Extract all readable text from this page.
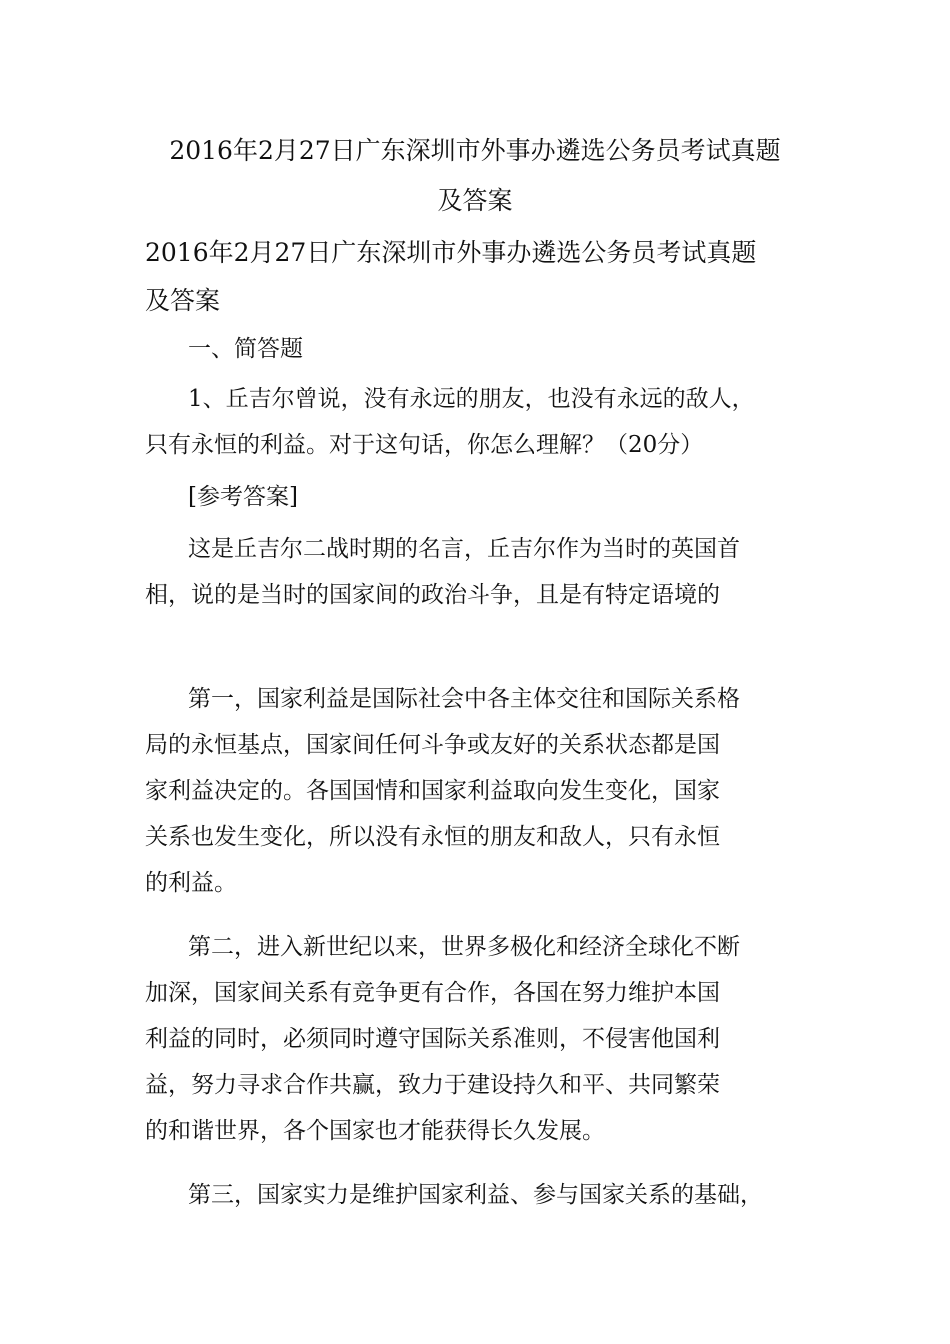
2016年2月27日广东深圳市外事办遴选公务员考试真题
及答案
2016年2月27日广东深圳市外事办遴选公务员考试真题
及答案
一、简答题
1、丘吉尔曾说，没有永远的朋友，也没有永远的敌人，
只有永恒的利益。对于这句话，你怎么理解？（20分）
[参考答案]
这是丘吉尔二战时期的名言，丘吉尔作为当时的英国首
相，说的是当时的国家间的政治斗争，且是有特定语境的
第一，国家利益是国际社会中各主体交往和国际关系格
局的永恒基点，国家间任何斗争或友好的关系状态都是国
家利益决定的。各国国情和国家利益取向发生变化，国家
关系也发生变化，所以没有永恒的朋友和敌人，只有永恒
的利益。
第二，进入新世纪以来，世界多极化和经济全球化不断
加深，国家间关系有竞争更有合作，各国在努力维护本国
利益的同时，必须同时遵守国际关系准则，不侵害他国利
益，努力寻求合作共赢，致力于建设持久和平、共同繁荣
的和谐世界，各个国家也才能获得长久发展。
第三，国家实力是维护国家利益、参与国家关系的基础，
